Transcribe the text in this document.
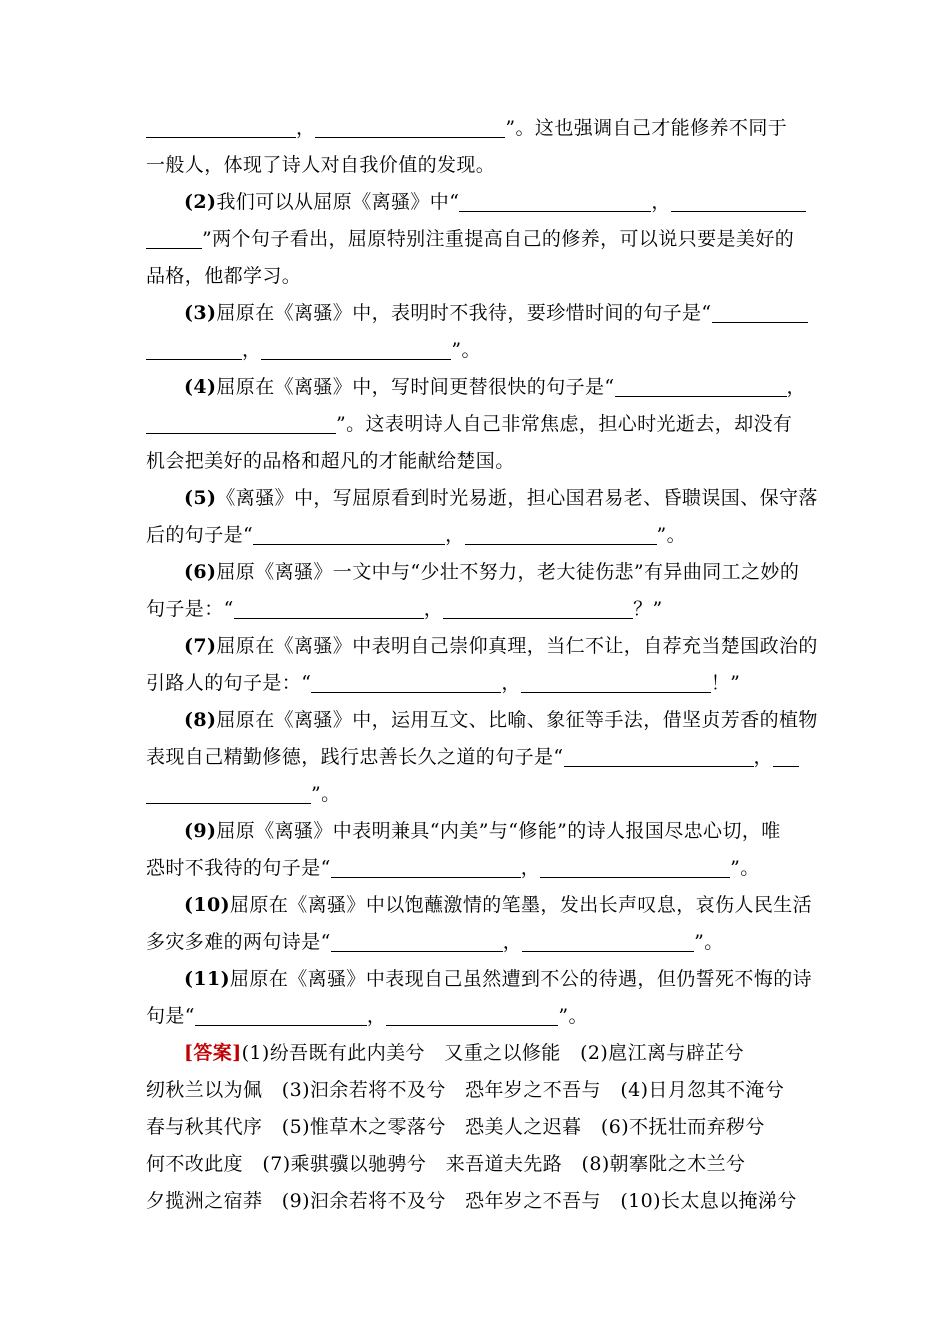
，	”。这也强调自己才能修养不同于
一般人，体现了诗人对自我价值的发现。
(2)我们可以从屈原《离骚》中“	，
”两个句子看出，屈原特别注重提高自己的修养，可以说只要是美好的
品格，他都学习。
(3)屈原在《离骚》中，表明时不我待，要珍惜时间的句子是“
，	”。
(4)屈原在《离骚》中，写时间更替很快的句子是“	，
”。这表明诗人自己非常焦虑，担心时光逝去，却没有
机会把美好的品格和超凡的才能献给楚国。
(5)《离骚》中，写屈原看到时光易逝，担心国君易老、昏聩误国、保守落
后的句子是“	，	”。
(6)屈原《离骚》一文中与“少壮不努力，老大徒伤悲”有异曲同工之妙的
句子是：“	，	？”
(7)屈原在《离骚》中表明自己崇仰真理，当仁不让，自荐充当楚国政治的
引路人的句子是：“	，	！”
(8)屈原在《离骚》中，运用互文、比喻、象征等手法，借坚贞芳香的植物
表现自己精勤修德，践行忠善长久之道的句子是“	，
”。
(9)屈原《离骚》中表明兼具“内美”与“修能”的诗人报国尽忠心切，唯
恐时不我待的句子是“	，	”。
(10)屈原在《离骚》中以饱蘸激情的笔墨，发出长声叹息，哀伤人民生活
多灾多难的两句诗是“	，	”。
(11)屈原在《离骚》中表现自己虽然遭到不公的待遇，但仍誓死不悔的诗
句是“	，	”。
[答案](1)纷吾既有此内美兮　又重之以修能　(2)扈江离与辟芷兮
纫秋兰以为佩　(3)汩余若将不及兮　恐年岁之不吾与　(4)日月忽其不淹兮
春与秋其代序　(5)惟草木之零落兮　恐美人之迟暮　(6)不抚壮而弃秽兮
何不改此度　(7)乘骐骥以驰骋兮　来吾道夫先路　(8)朝搴阰之木兰兮
夕揽洲之宿莽　(9)汩余若将不及兮　恐年岁之不吾与　(10)长太息以掩涕兮
